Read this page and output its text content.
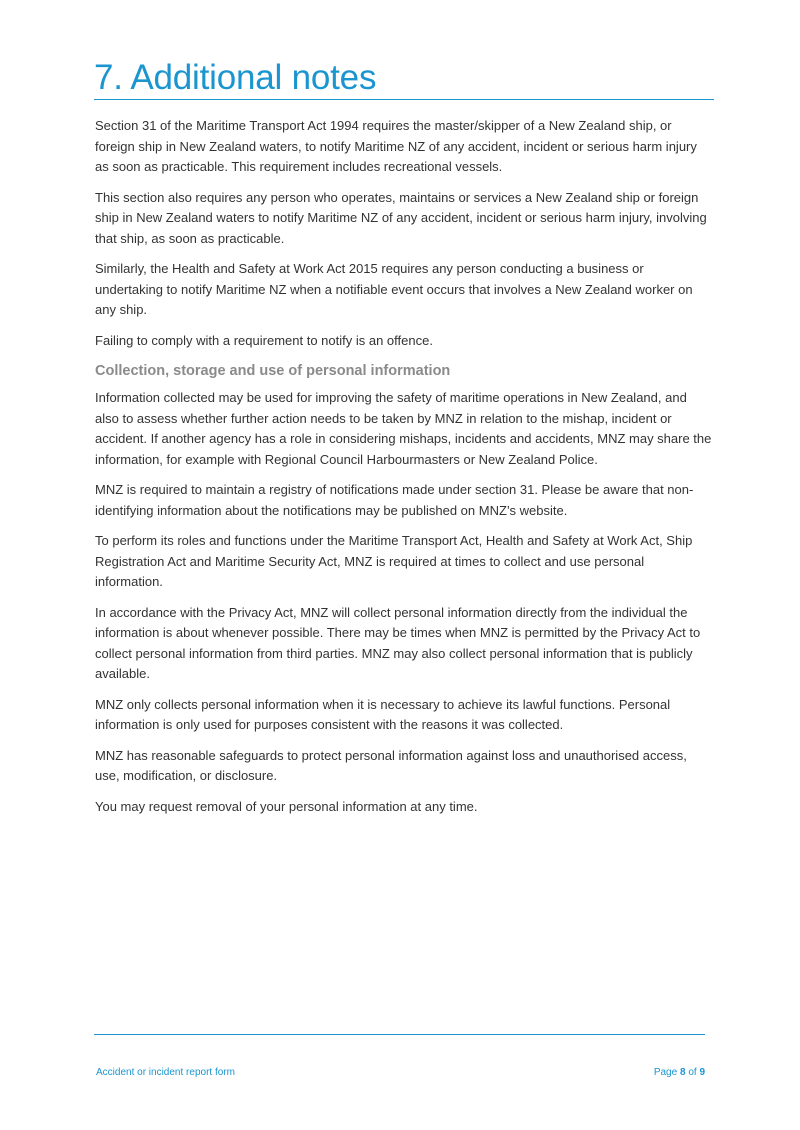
7. Additional notes

Section 31 of the Maritime Transport Act 1994 requires the master/skipper of a New Zealand ship, or foreign ship in New Zealand waters, to notify Maritime NZ of any accident, incident or serious harm injury as soon as practicable. This requirement includes recreational vessels.

This section also requires any person who operates, maintains or services a New Zealand ship or foreign ship in New Zealand waters to notify Maritime NZ of any accident, incident or serious harm injury, involving that ship, as soon as practicable.

Similarly, the Health and Safety at Work Act 2015 requires any person conducting a business or undertaking to notify Maritime NZ when a notifiable event occurs that involves a New Zealand worker on any ship.

Failing to comply with a requirement to notify is an offence.

Collection, storage and use of personal information

Information collected may be used for improving the safety of maritime operations in New Zealand, and also to assess whether further action needs to be taken by MNZ in relation to the mishap, incident or accident. If another agency has a role in considering mishaps, incidents and accidents, MNZ may share the information, for example with Regional Council Harbourmasters or New Zealand Police.

MNZ is required to maintain a registry of notifications made under section 31. Please be aware that non-identifying information about the notifications may be published on MNZ’s website.

To perform its roles and functions under the Maritime Transport Act, Health and Safety at Work Act, Ship Registration Act and Maritime Security Act, MNZ is required at times to collect and use personal information.

In accordance with the Privacy Act, MNZ will collect personal information directly from the individual the information is about whenever possible. There may be times when MNZ is permitted by the Privacy Act to collect personal information from third parties. MNZ may also collect personal information that is publicly available.

MNZ only collects personal information when it is necessary to achieve its lawful functions. Personal information is only used for purposes consistent with the reasons it was collected.

MNZ has reasonable safeguards to protect personal information against loss and unauthorised access, use, modification, or disclosure.

You may request removal of your personal information at any time.

Accident or incident report form	Page 8 of 9
